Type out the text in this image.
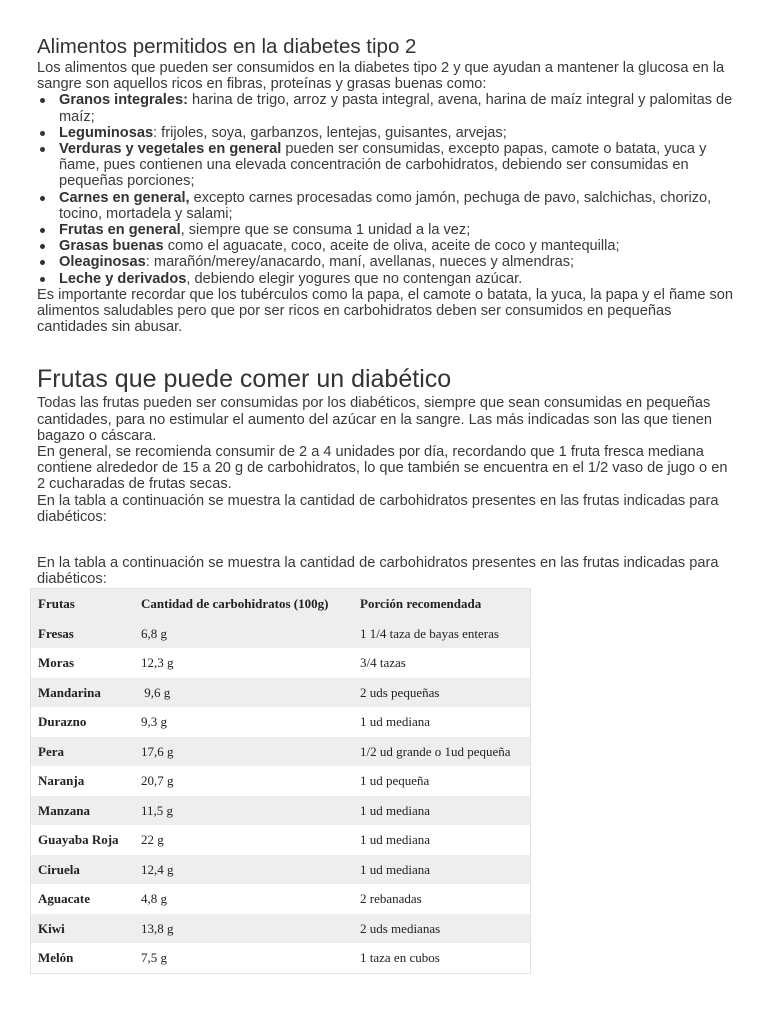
Alimentos permitidos en la diabetes tipo 2

Los alimentos que pueden ser consumidos en la diabetes tipo 2 y que ayudan a mantener la glucosa en la sangre son aquellos ricos en fibras, proteínas y grasas buenas como:

Granos integrales: harina de trigo, arroz y pasta integral, avena, harina de maíz integral y palomitas de maíz;
Leguminosas: frijoles, soya, garbanzos, lentejas, guisantes, arvejas;
Verduras y vegetales en general pueden ser consumidas, excepto papas, camote o batata, yuca y ñame, pues contienen una elevada concentración de carbohidratos, debiendo ser consumidas en pequeñas porciones;
Carnes en general, excepto carnes procesadas como jamón, pechuga de pavo, salchichas, chorizo, tocino, mortadela y salami;
Frutas en general, siempre que se consuma 1 unidad a la vez;
Grasas buenas como el aguacate, coco, aceite de oliva, aceite de coco y mantequilla;
Oleaginosas: marañón/merey/anacardo, maní, avellanas, nueces y almendras;
Leche y derivados, debiendo elegir yogures que no contengan azúcar.

Es importante recordar que los tubérculos como la papa, el camote o batata, la yuca, la papa y el ñame son alimentos saludables pero que por ser ricos en carbohidratos deben ser consumidos en pequeñas cantidades sin abusar.

Frutas que puede comer un diabético

Todas las frutas pueden ser consumidas por los diabéticos, siempre que sean consumidas en pequeñas cantidades, para no estimular el aumento del azúcar en la sangre. Las más indicadas son las que tienen bagazo o cáscara.

En general, se recomienda consumir de 2 a 4 unidades por día, recordando que 1 fruta fresca mediana contiene alrededor de 15 a 20 g de carbohidratos, lo que también se encuentra en el 1/2 vaso de jugo o en 2 cucharadas de frutas secas.

En la tabla a continuación se muestra la cantidad de carbohidratos presentes en las frutas indicadas para diabéticos:

En la tabla a continuación se muestra la cantidad de carbohidratos presentes en las frutas indicadas para diabéticos:

Frutas	Cantidad de carbohidratos (100g)	Porción recomendada
Fresas	6,8 g	1 1/4 taza de bayas enteras
Moras	12,3 g	3/4 tazas
Mandarina	9,6 g	2 uds pequeñas
Durazno	9,3 g	1 ud mediana
Pera	17,6 g	1/2 ud grande o 1ud pequeña
Naranja	20,7 g	1 ud pequeña
Manzana	11,5 g	1 ud mediana
Guayaba Roja	22 g	1 ud mediana
Ciruela	12,4 g	1 ud mediana
Aguacate	4,8 g	2 rebanadas
Kiwi	13,8 g	2 uds medianas
Melón	7,5 g	1 taza en cubos
